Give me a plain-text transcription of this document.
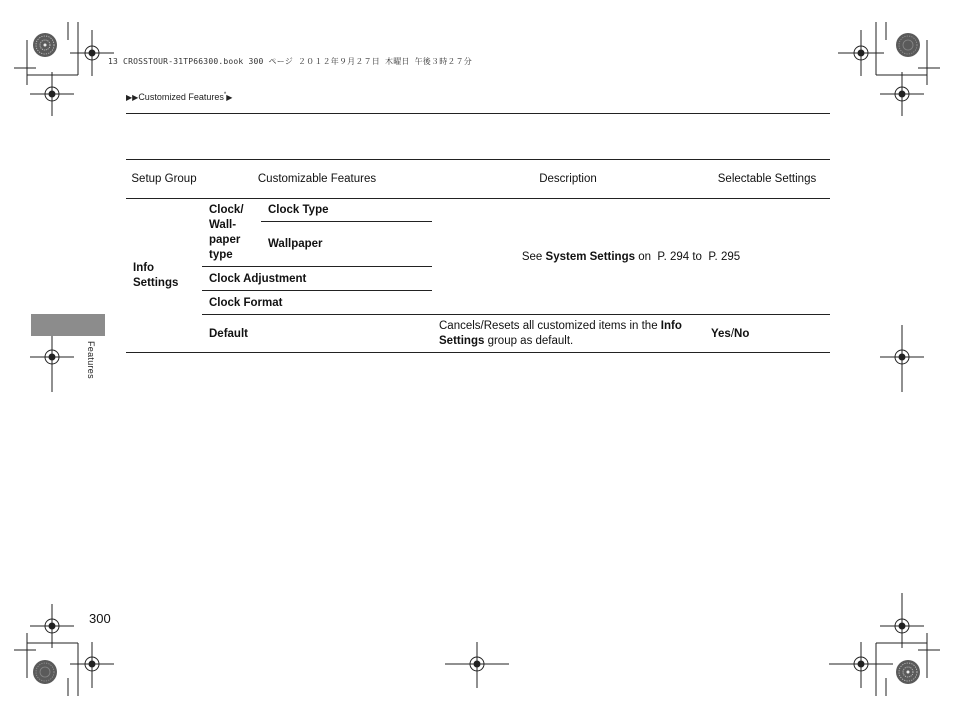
13 CROSSTOUR-31TP66300.book 300 ページ ２０１２年９月２７日 木曜日 午後３時２７分
▶▶Customized Features*▶
Features
Setup Group	Customizable Features		Description	Selectable Settings
Info Settings	Clock/ Wall-paper type	Clock Type	See System Settings on  P. 294 to  P. 295	
		Wallpaper		
	Clock Adjustment			
	Clock Format			
	Default		Cancels/Resets all customized items in the Info Settings group as default.	Yes/No
300
